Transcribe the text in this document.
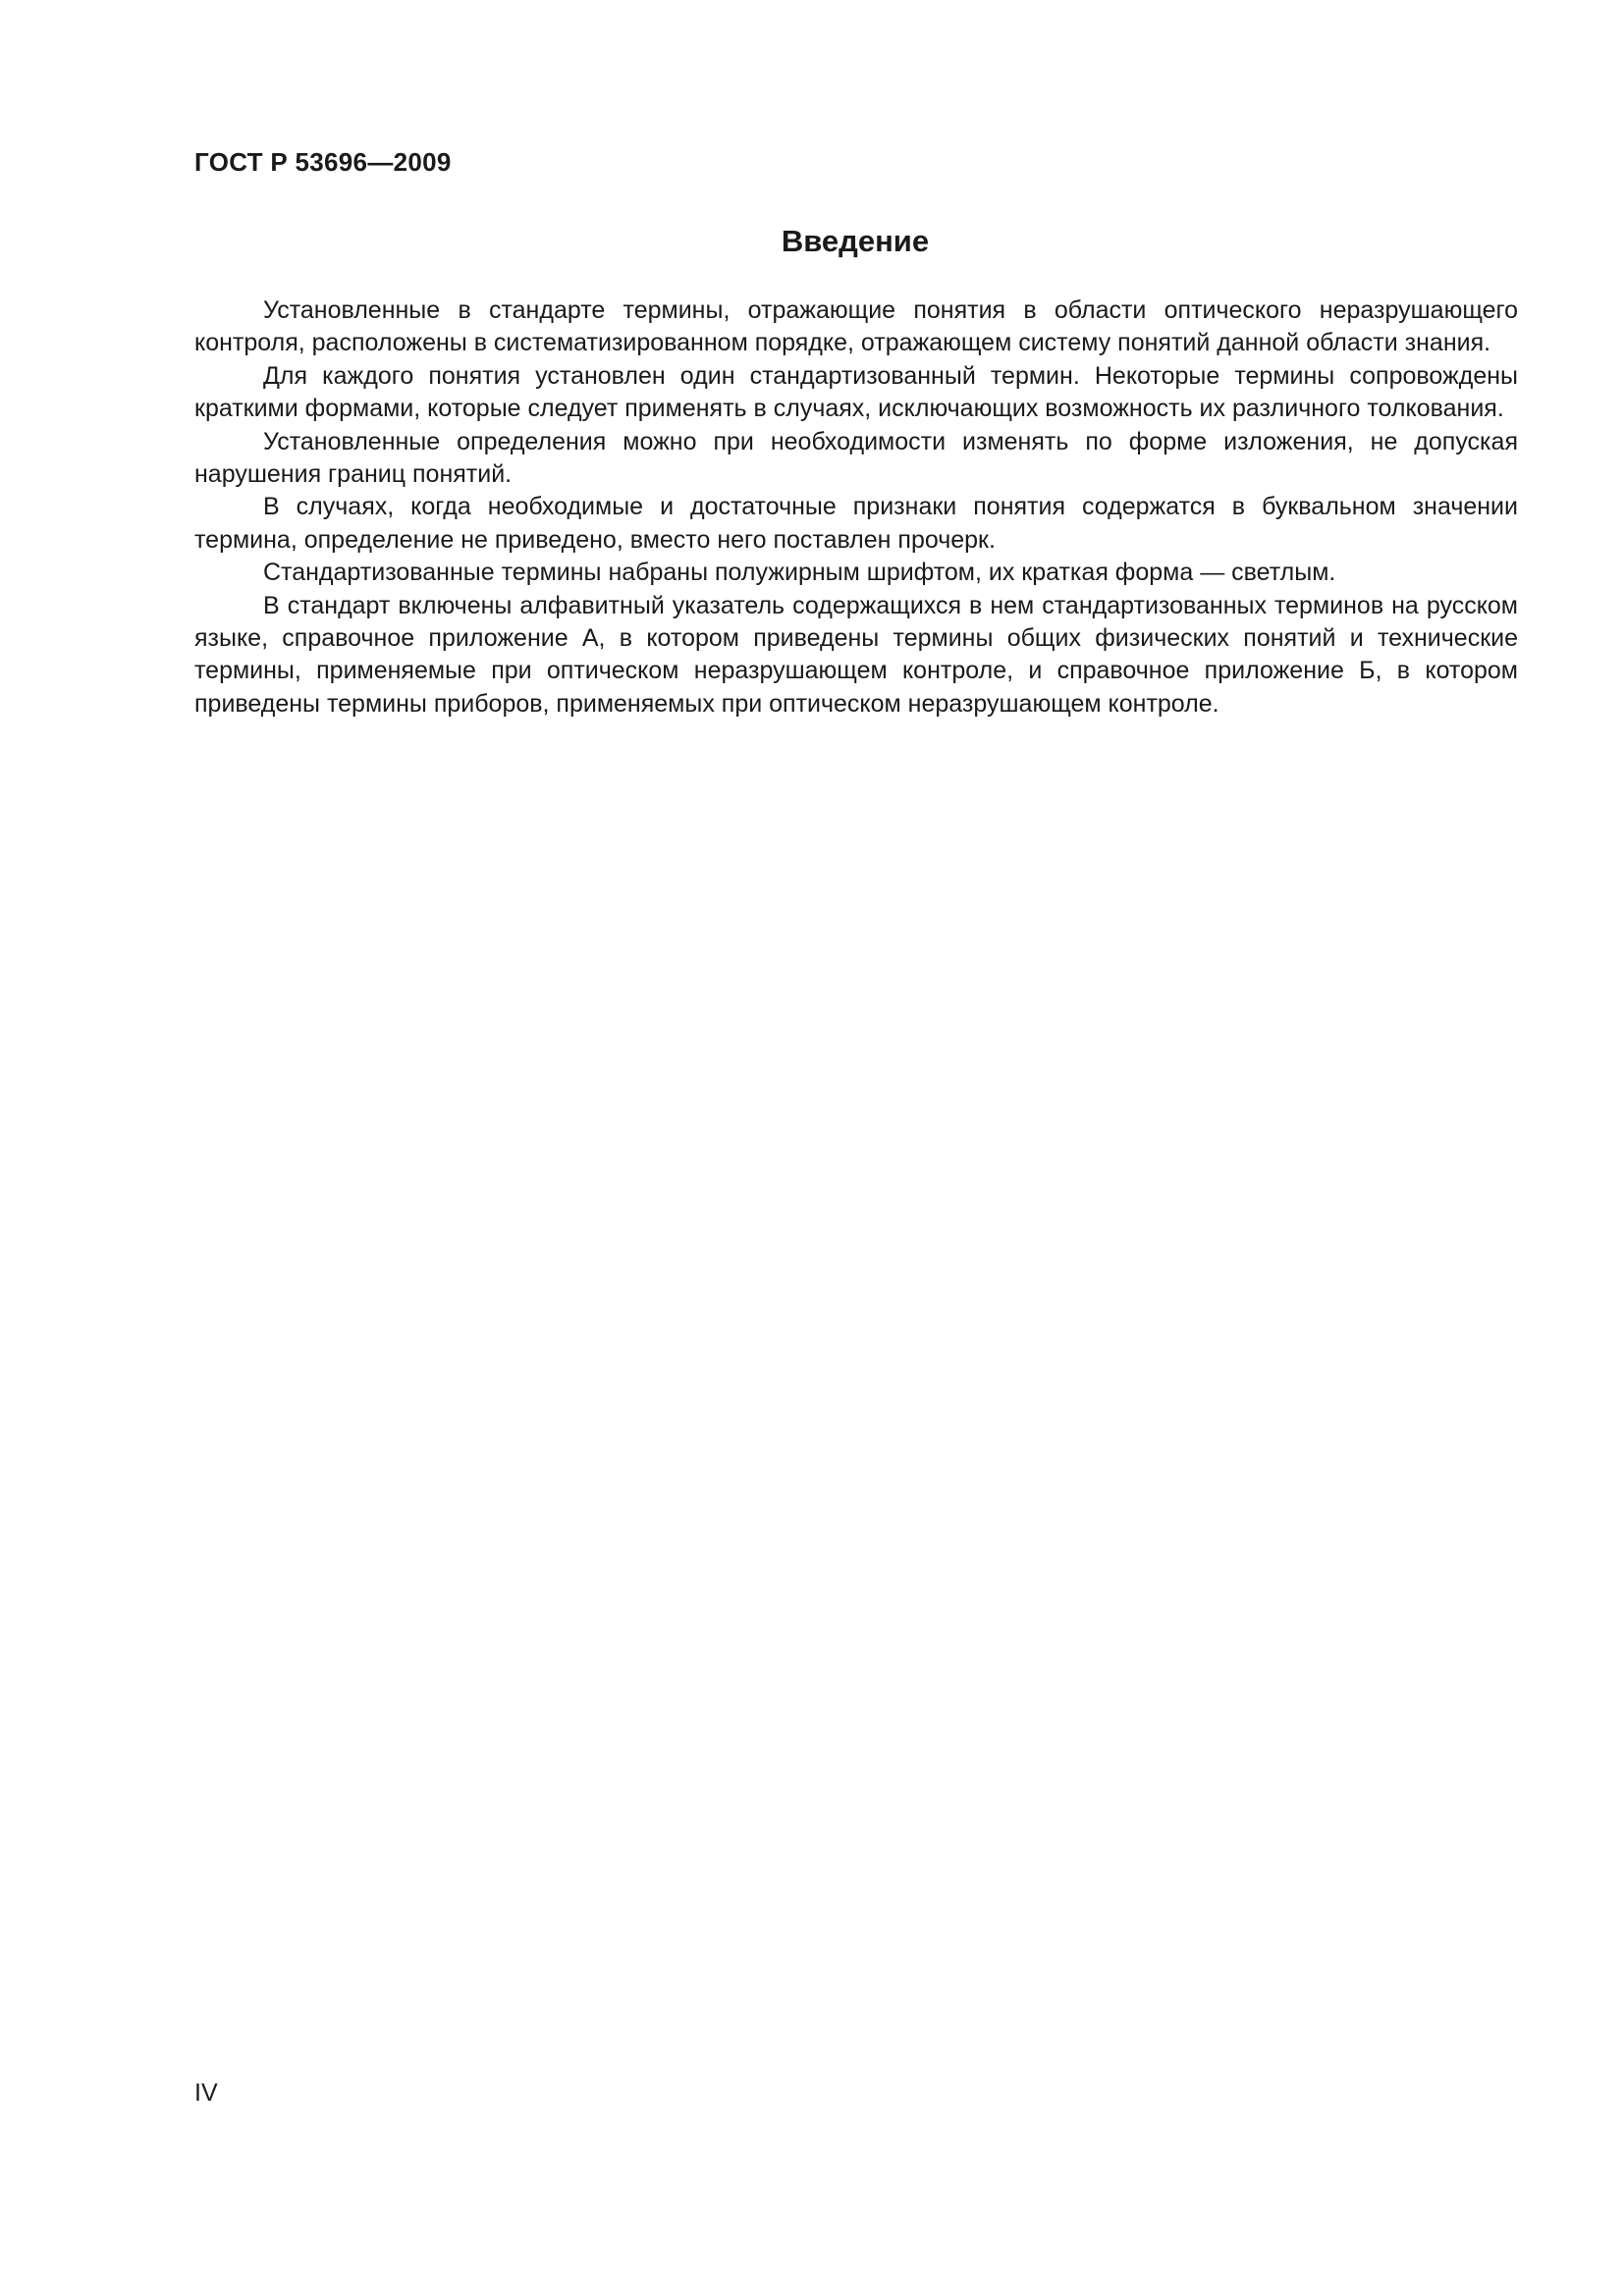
ГОСТ Р 53696—2009
Введение

Установленные в стандарте термины, отражающие понятия в области оптического неразрушающего контроля, расположены в систематизированном порядке, отражающем систему понятий данной области знания.

Для каждого понятия установлен один стандартизованный термин. Некоторые термины сопровождены краткими формами, которые следует применять в случаях, исключающих возможность их различного толкования.

Установленные определения можно при необходимости изменять по форме изложения, не допуская нарушения границ понятий.

В случаях, когда необходимые и достаточные признаки понятия содержатся в буквальном значении термина, определение не приведено, вместо него поставлен прочерк.

Стандартизованные термины набраны полужирным шрифтом, их краткая форма — светлым.

В стандарт включены алфавитный указатель содержащихся в нем стандартизованных терминов на русском языке, справочное приложение А, в котором приведены термины общих физических понятий и технические термины, применяемые при оптическом неразрушающем контроле, и справочное приложение Б, в котором приведены термины приборов, применяемых при оптическом неразрушающем контроле.

IV
